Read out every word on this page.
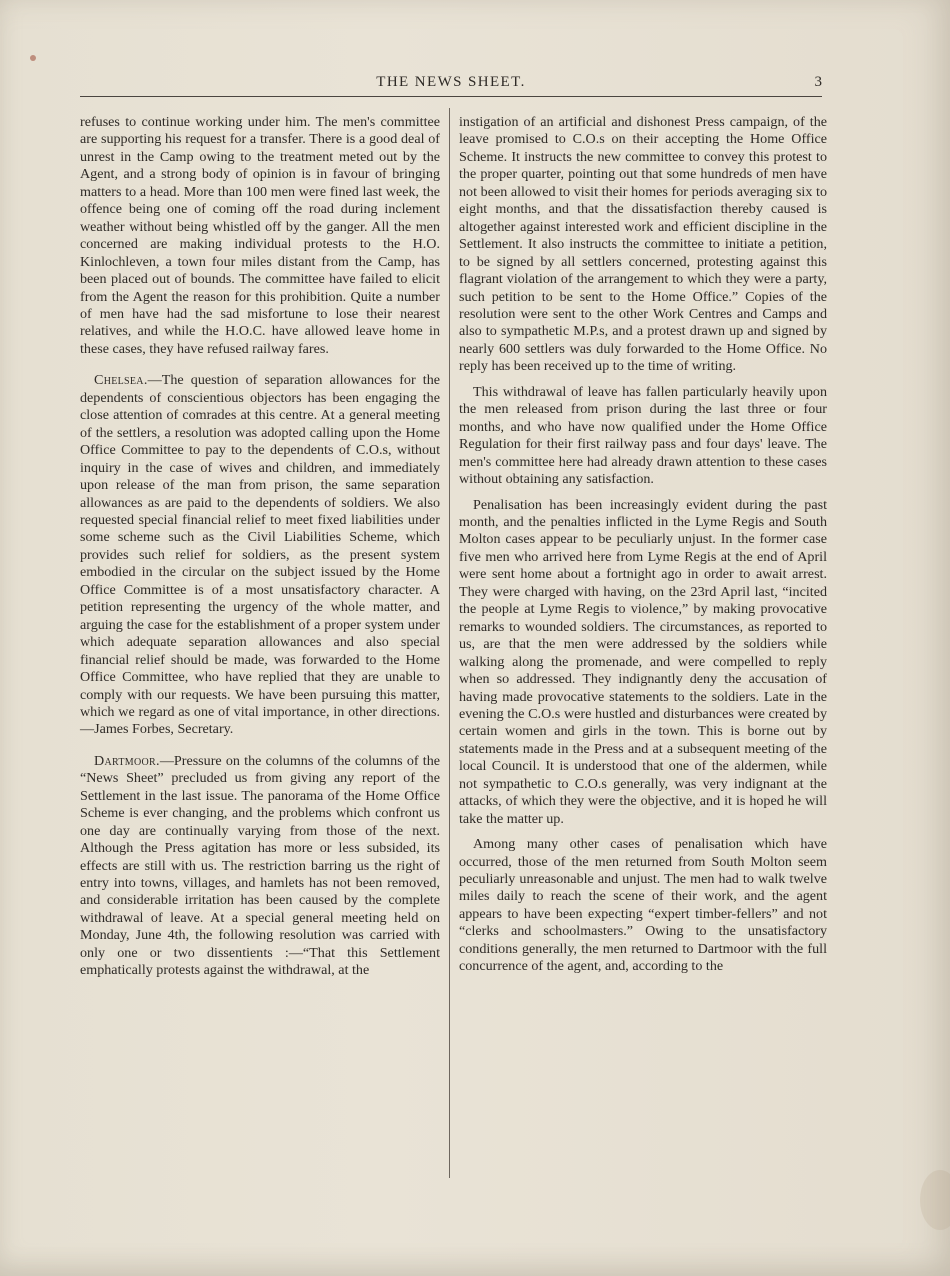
THE NEWS SHEET.	3

refuses to continue working under him. The men's committee are supporting his request for a transfer. There is a good deal of unrest in the Camp owing to the treatment meted out by the Agent, and a strong body of opinion is in favour of bringing matters to a head. More than 100 men were fined last week, the offence being one of coming off the road during inclement weather without being whistled off by the ganger. All the men concerned are making individual protests to the H.O. Kinlochleven, a town four miles distant from the Camp, has been placed out of bounds. The committee have failed to elicit from the Agent the reason for this prohibition. Quite a number of men have had the sad misfortune to lose their nearest relatives, and while the H.O.C. have allowed leave home in these cases, they have refused railway fares.

Chelsea.—The question of separation allowances for the dependents of conscientious objectors has been engaging the close attention of comrades at this centre. At a general meeting of the settlers, a resolution was adopted calling upon the Home Office Committee to pay to the dependents of C.O.s, without inquiry in the case of wives and children, and immediately upon release of the man from prison, the same separation allowances as are paid to the dependents of soldiers. We also requested special financial relief to meet fixed liabilities under some scheme such as the Civil Liabilities Scheme, which provides such relief for soldiers, as the present system embodied in the circular on the subject issued by the Home Office Committee is of a most unsatisfactory character. A petition representing the urgency of the whole matter, and arguing the case for the establishment of a proper system under which adequate separation allowances and also special financial relief should be made, was forwarded to the Home Office Committee, who have replied that they are unable to comply with our requests. We have been pursuing this matter, which we regard as one of vital importance, in other directions.—James Forbes, Secretary.

Dartmoor.—Pressure on the columns of the columns of the “News Sheet” precluded us from giving any report of the Settlement in the last issue. The panorama of the Home Office Scheme is ever changing, and the problems which confront us one day are continually varying from those of the next. Although the Press agitation has more or less subsided, its effects are still with us. The restriction barring us the right of entry into towns, villages, and hamlets has not been removed, and considerable irritation has been caused by the complete withdrawal of leave. At a special general meeting held on Monday, June 4th, the following resolution was carried with only one or two dissentients :—“That this Settlement emphatically protests against the withdrawal, at the

instigation of an artificial and dishonest Press campaign, of the leave promised to C.O.s on their accepting the Home Office Scheme. It instructs the new committee to convey this protest to the proper quarter, pointing out that some hundreds of men have not been allowed to visit their homes for periods averaging six to eight months, and that the dissatisfaction thereby caused is altogether against interested work and efficient discipline in the Settlement. It also instructs the committee to initiate a petition, to be signed by all settlers concerned, protesting against this flagrant violation of the arrangement to which they were a party, such petition to be sent to the Home Office.” Copies of the resolution were sent to the other Work Centres and Camps and also to sympathetic M.P.s, and a protest drawn up and signed by nearly 600 settlers was duly forwarded to the Home Office. No reply has been received up to the time of writing.

This withdrawal of leave has fallen particularly heavily upon the men released from prison during the last three or four months, and who have now qualified under the Home Office Regulation for their first railway pass and four days' leave. The men's committee here had already drawn attention to these cases without obtaining any satisfaction.

Penalisation has been increasingly evident during the past month, and the penalties inflicted in the Lyme Regis and South Molton cases appear to be peculiarly unjust. In the former case five men who arrived here from Lyme Regis at the end of April were sent home about a fortnight ago in order to await arrest. They were charged with having, on the 23rd April last, “incited the people at Lyme Regis to violence,” by making provocative remarks to wounded soldiers. The circumstances, as reported to us, are that the men were addressed by the soldiers while walking along the promenade, and were compelled to reply when so addressed. They indignantly deny the accusation of having made provocative statements to the soldiers. Late in the evening the C.O.s were hustled and disturbances were created by certain women and girls in the town. This is borne out by statements made in the Press and at a subsequent meeting of the local Council. It is understood that one of the aldermen, while not sympathetic to C.O.s generally, was very indignant at the attacks, of which they were the objective, and it is hoped he will take the matter up.

Among many other cases of penalisation which have occurred, those of the men returned from South Molton seem peculiarly unreasonable and unjust. The men had to walk twelve miles daily to reach the scene of their work, and the agent appears to have been expecting “expert timber-fellers” and not “clerks and schoolmasters.” Owing to the unsatisfactory conditions generally, the men returned to Dartmoor with the full concurrence of the agent, and, according to the
